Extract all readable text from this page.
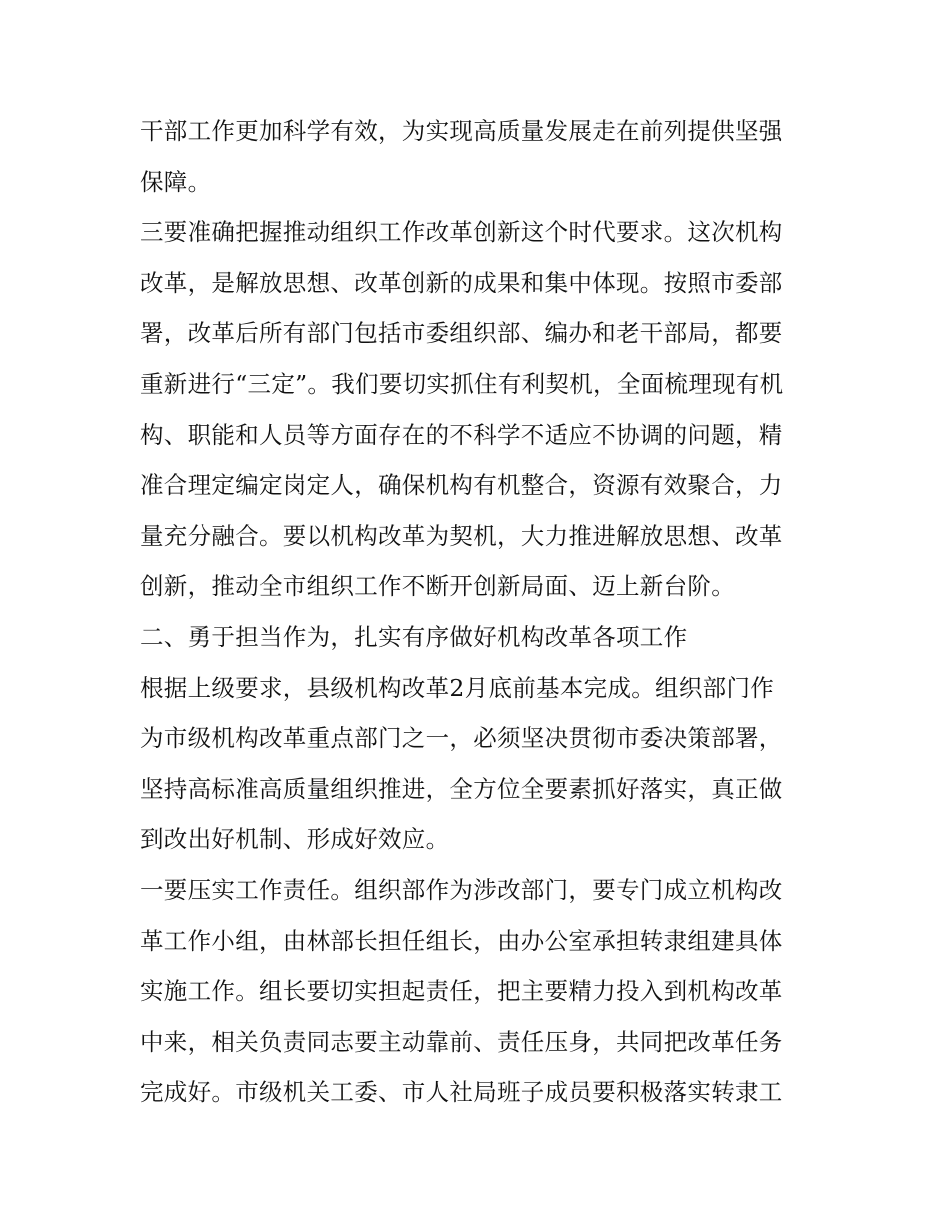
干部工作更加科学有效，为实现高质量发展走在前列提供坚强
保障。
三要准确把握推动组织工作改革创新这个时代要求。这次机构
改革，是解放思想、改革创新的成果和集中体现。按照市委部
署，改革后所有部门包括市委组织部、编办和老干部局，都要
重新进行“三定”。我们要切实抓住有利契机，全面梳理现有机
构、职能和人员等方面存在的不科学不适应不协调的问题，精
准合理定编定岗定人，确保机构有机整合，资源有效聚合，力
量充分融合。要以机构改革为契机，大力推进解放思想、改革
创新，推动全市组织工作不断开创新局面、迈上新台阶。
二、勇于担当作为，扎实有序做好机构改革各项工作
根据上级要求，县级机构改革2月底前基本完成。组织部门作
为市级机构改革重点部门之一，必须坚决贯彻市委决策部署，
坚持高标准高质量组织推进，全方位全要素抓好落实，真正做
到改出好机制、形成好效应。
一要压实工作责任。组织部作为涉改部门，要专门成立机构改
革工作小组，由林部长担任组长，由办公室承担转隶组建具体
实施工作。组长要切实担起责任，把主要精力投入到机构改革
中来，相关负责同志要主动靠前、责任压身，共同把改革任务
完成好。市级机关工委、市人社局班子成员要积极落实转隶工
